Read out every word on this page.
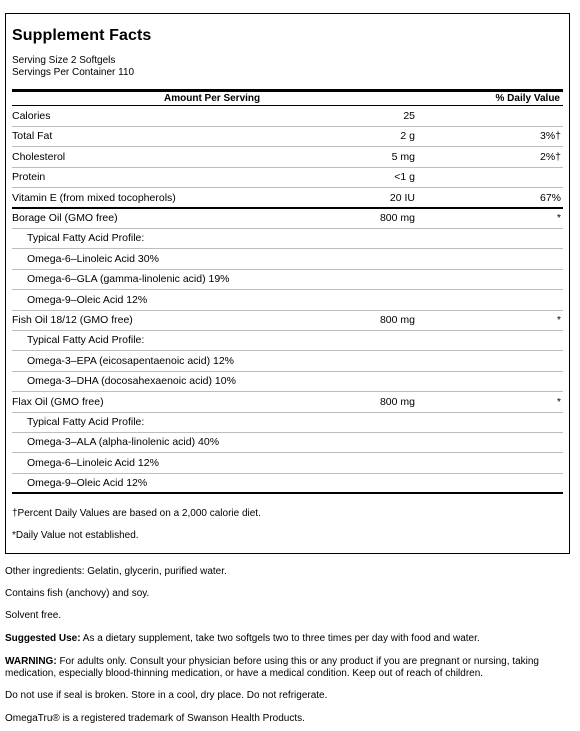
Supplement Facts
Serving Size 2 Softgels
Servings Per Container 110
Amount Per Serving	% Daily Value
Calories	25
Total Fat	2 g	3%†
Cholesterol	5 mg	2%†
Protein	<1 g
Vitamin E (from mixed tocopherols)	20 IU	67%
Borage Oil (GMO free)	800 mg	*
Typical Fatty Acid Profile:
Omega-6–Linoleic Acid 30%
Omega-6–GLA (gamma-linolenic acid) 19%
Omega-9–Oleic Acid 12%
Fish Oil 18/12 (GMO free)	800 mg	*
Typical Fatty Acid Profile:
Omega-3–EPA (eicosapentaenoic acid) 12%
Omega-3–DHA (docosahexaenoic acid) 10%
Flax Oil (GMO free)	800 mg	*
Typical Fatty Acid Profile:
Omega-3–ALA (alpha-linolenic acid) 40%
Omega-6–Linoleic Acid 12%
Omega-9–Oleic Acid 12%
†Percent Daily Values are based on a 2,000 calorie diet.
*Daily Value not established.
Other ingredients: Gelatin, glycerin, purified water.
Contains fish (anchovy) and soy.
Solvent free.
Suggested Use: As a dietary supplement, take two softgels two to three times per day with food and water.
WARNING: For adults only. Consult your physician before using this or any product if you are pregnant or nursing, taking medication, especially blood-thinning medication, or have a medical condition. Keep out of reach of children.
Do not use if seal is broken. Store in a cool, dry place. Do not refrigerate.
OmegaTru® is a registered trademark of Swanson Health Products.
